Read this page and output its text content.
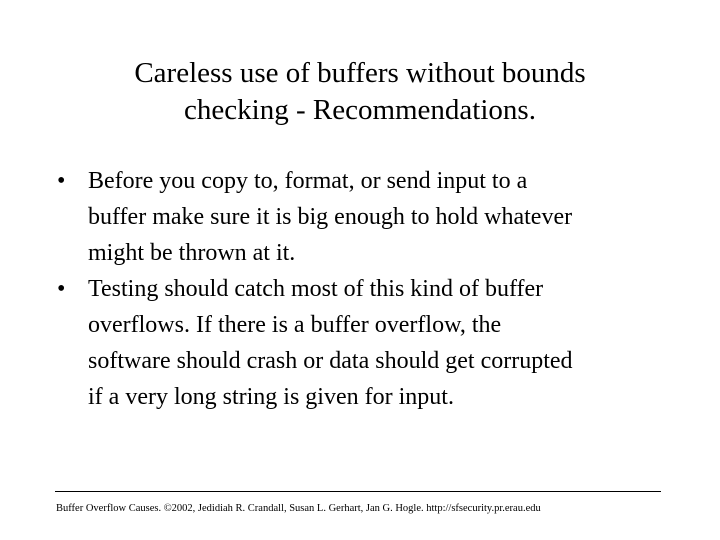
Careless use of buffers without bounds
checking - Recommendations.
• Before you copy to, format, or send input to a
buffer make sure it is big enough to hold whatever
might be thrown at it.
• Testing should catch most of this kind of buffer
overflows. If there is a buffer overflow, the
software should crash or data should get corrupted
if a very long string is given for input.
Buffer Overflow Causes. ©2002, Jedidiah R. Crandall, Susan L. Gerhart, Jan G. Hogle. http://sfsecurity.pr.erau.edu
